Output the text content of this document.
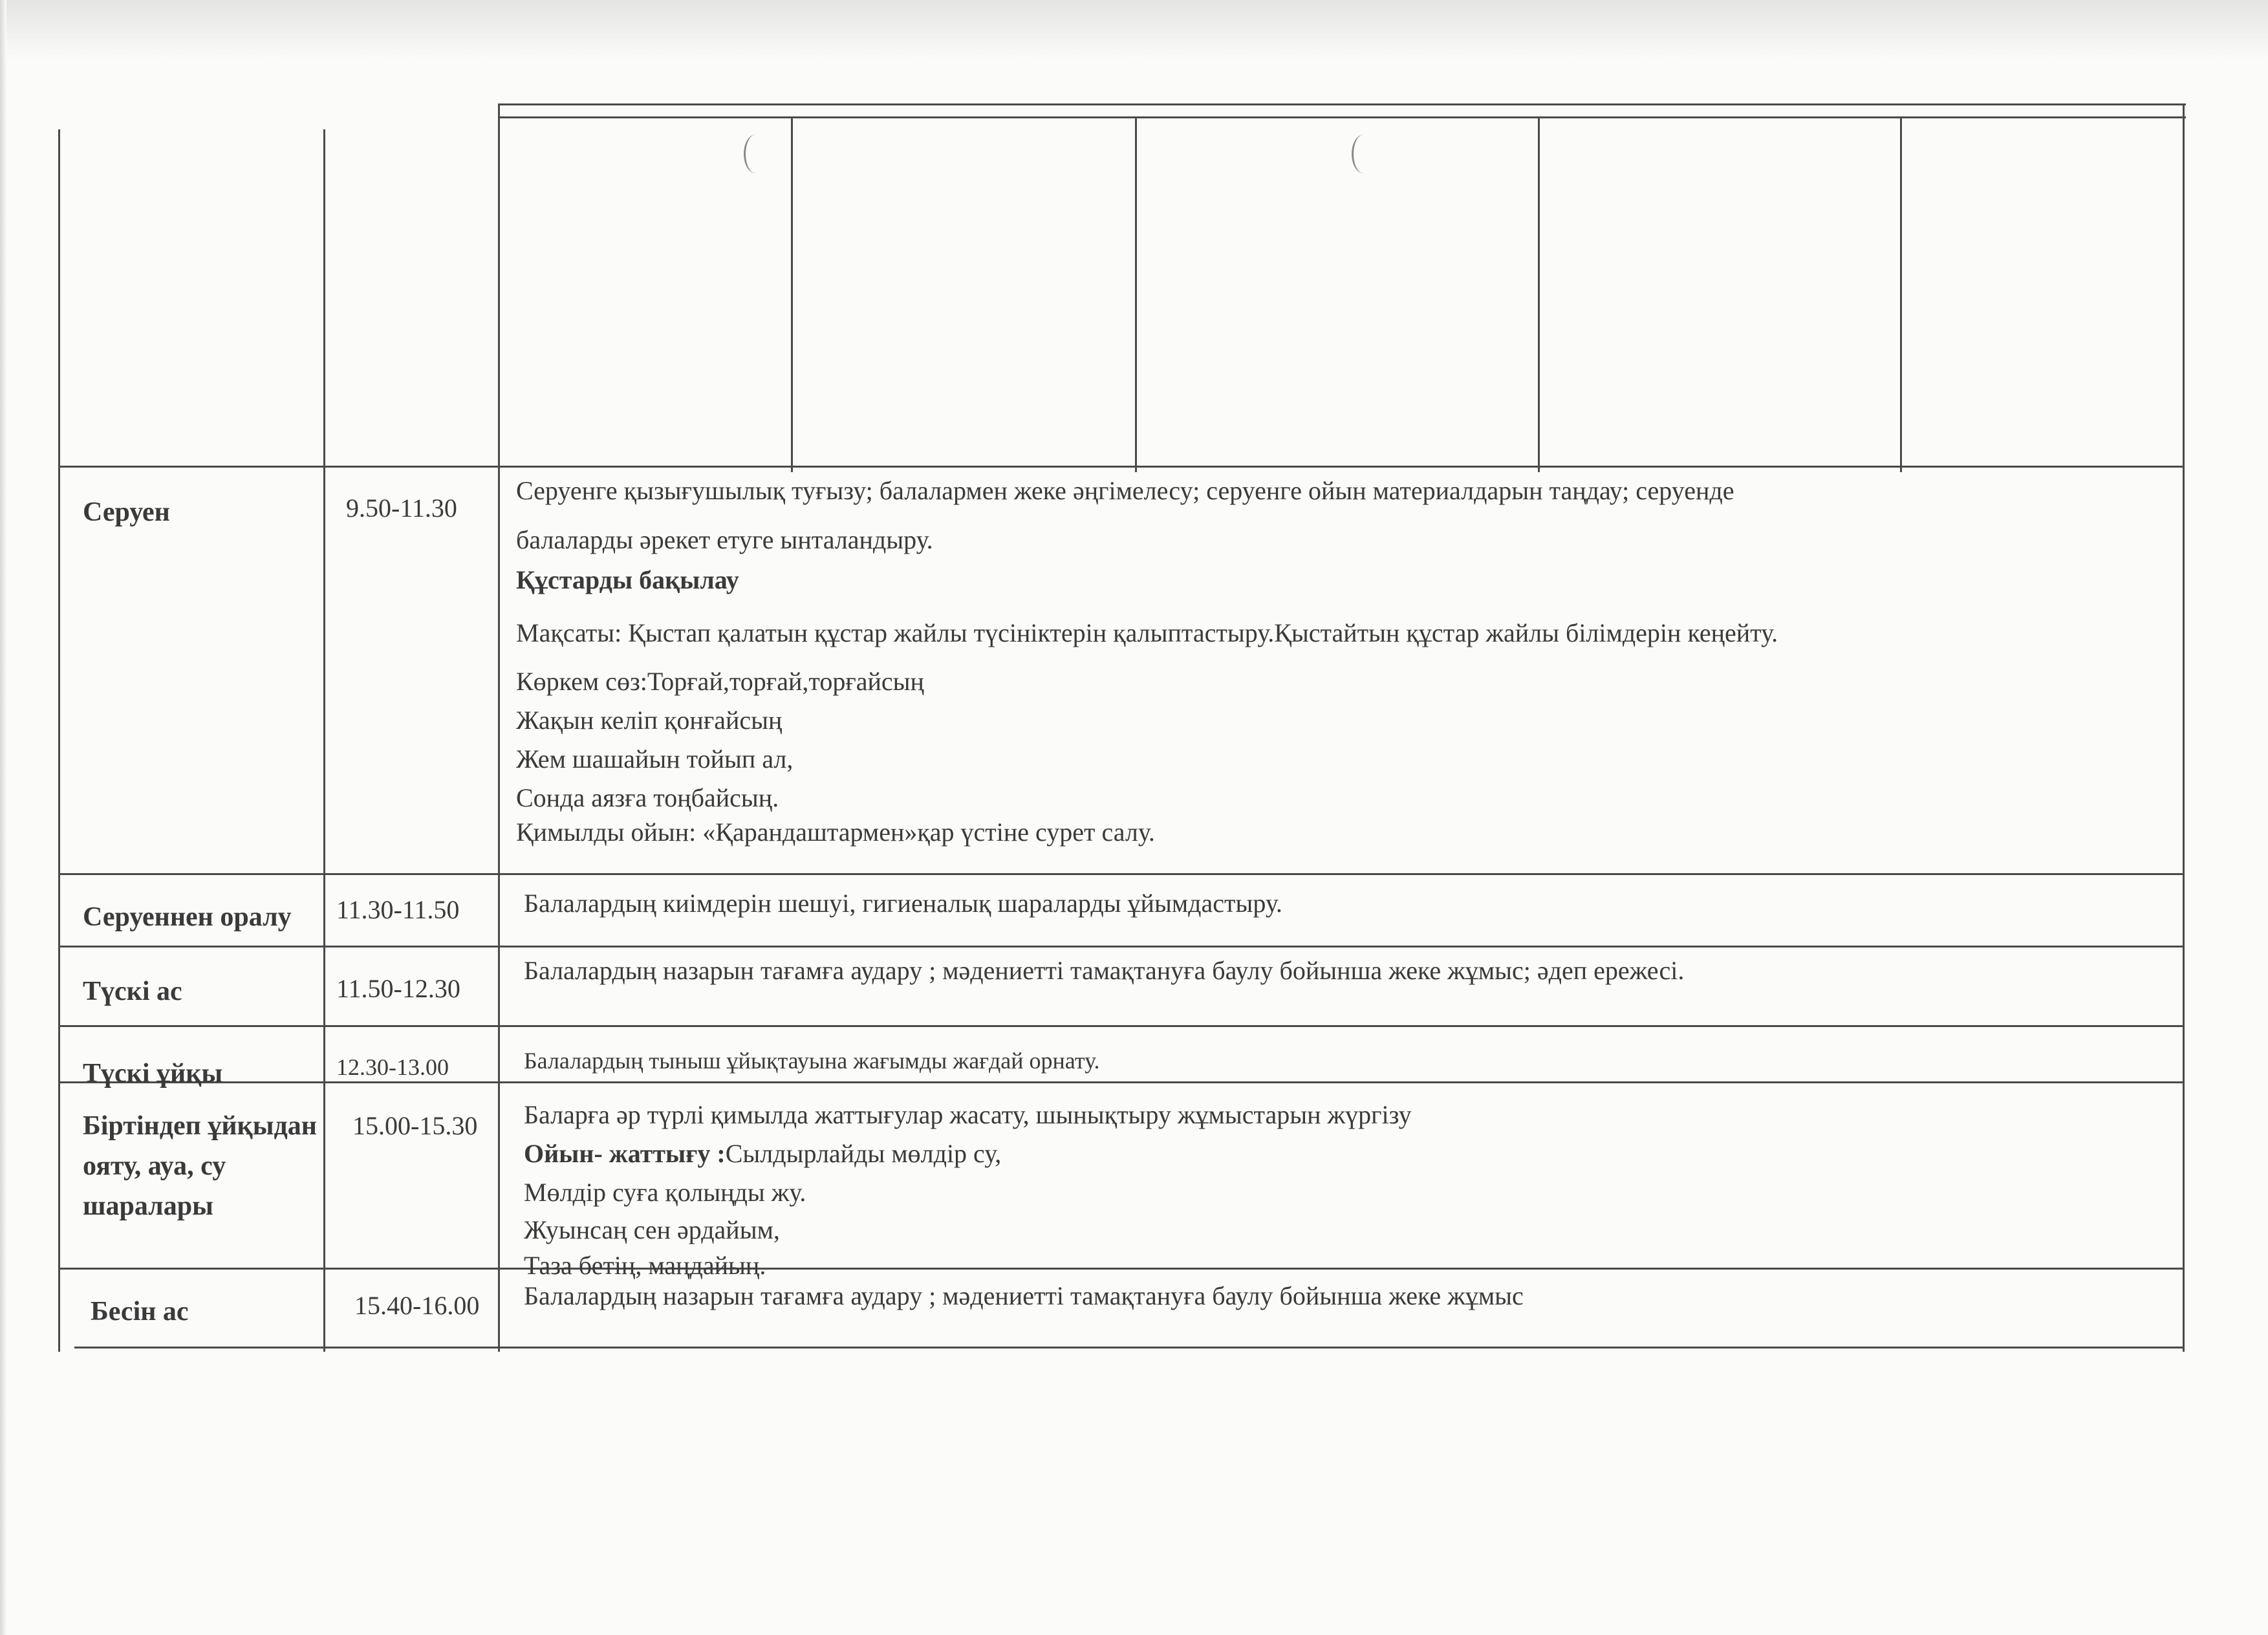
Серуен	9.50-11.30
Серуенге қызығушылық туғызу; балалармен жеке әңгімелесу; серуенге ойын материалдарын таңдау; серуенде
балаларды әрекет етуге ынталандыру.
Құстарды бақылау
Мақсаты: Қыстап қалатын құстар жайлы түсініктерін қалыптастыру.Қыстайтын құстар жайлы білімдерін кеңейту.
Көркем сөз:Торғай,торғай,торғайсың
Жақын келіп қонғайсың
Жем шашайын тойып ал,
Сонда аязға тоңбайсың.
Қимылды ойын: «Қарандаштармен»қар үстіне сурет салу.
Серуеннен оралу	11.30-11.50 Балалардың киімдерін шешуі, гигиеналық шараларды ұйымдастыру.
Түскі ас	11.50-12.30
Балалардың назарын тағамға аудару ; мәдениетті тамақтануға баулу бойынша жеке жұмыс; әдеп ережесі.
Түскі ұйқы	12.30-13.00	Балалардың тыныш ұйықтауына жағымды жағдай орнату.
Біртіндеп ұйқыдан ояту, ауа, су шаралары
15.00-15.30 Баларға әр түрлі қимылда жаттығулар жасату, шынықтыру жұмыстарын жүргізу
Ойын- жаттығу :Сылдырлайды мөлдір су,
Мөлдір суға қолыңды жу.
Жуынсаң сен әрдайым,
Таза бетің, маңдайың.
Бесін ас	15.40-16.00 Балалардың назарын тағамға аудару ; мәдениетті тамақтануға баулу бойынша жеке жұмыс
